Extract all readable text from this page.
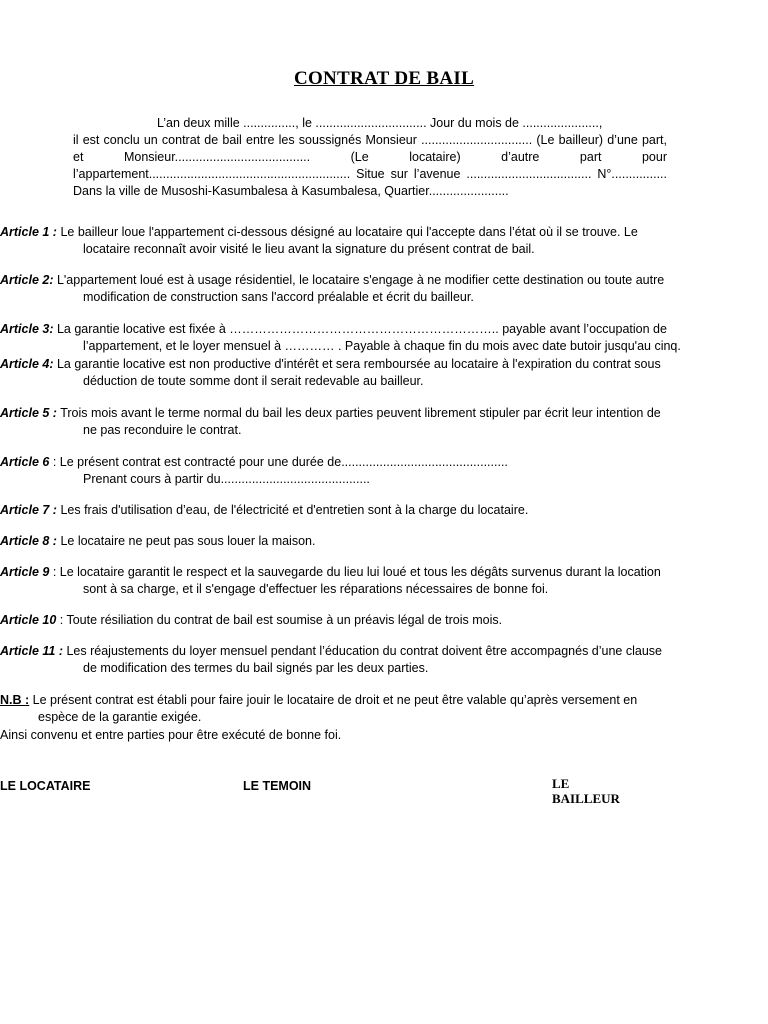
CONTRAT DE BAIL
L’an deux mille ..............., le ................................ Jour du mois de ......................,
il est conclu un contrat de bail entre les soussignés Monsieur ................................ (Le bailleur) d’une part, et Monsieur....................................... (Le locataire) d’autre part pour l’appartement.......................................................... Situe sur l’avenue .................................... N°................ Dans la ville de Musoshi-Kasumbalesa à Kasumbalesa, Quartier.......................
Article 1 : Le bailleur loue l'appartement ci-dessous désigné au locataire qui l'accepte dans l’état où il se trouve. Le
locataire reconnaît avoir visité le lieu avant la signature du présent contrat de bail.
Article 2: L'appartement loué est à usage résidentiel, le locataire s'engage à ne modifier cette destination ou toute autre
modification de construction sans l'accord préalable et écrit du bailleur.
Article 3: La garantie locative est fixée à ……………………………………………………….. payable avant l’occupation de
l’appartement, et le loyer mensuel à ………… . Payable à chaque fin du mois avec date butoir jusqu'au cinq.
Article 4: La garantie locative est non productive d'intérêt et sera remboursée au locataire à l'expiration du contrat sous
déduction de toute somme dont il serait redevable au bailleur.
Article 5 : Trois mois avant le terme normal du bail les deux parties peuvent librement stipuler par écrit leur intention de
ne pas reconduire le contrat.
Article 6 : Le présent contrat est contracté pour une durée de................................................
Prenant cours à partir du...........................................
Article 7 : Les frais d'utilisation d’eau, de l'électricité et d'entretien sont à la charge du locataire.
Article 8 : Le locataire ne peut pas sous louer la maison.
Article 9 : Le locataire garantit le respect et la sauvegarde du lieu lui loué et tous les dégâts survenus durant la location
sont à sa charge, et il s'engage d'effectuer les réparations nécessaires de bonne foi.
Article 10 : Toute résiliation du contrat de bail est soumise à un préavis légal de trois mois.
Article 11 : Les réajustements du loyer mensuel pendant l’éducation du contrat doivent être accompagnés d’une clause
de modification des termes du bail signés par les deux parties.
N.B : Le présent contrat est établi pour faire jouir le locataire de droit et ne peut être valable qu’après versement en
espèce de la garantie exigée.
Ainsi convenu et entre parties pour être exécuté de bonne foi.
LE LOCATAIRE	LE TEMOIN	LE
BAILLEUR
